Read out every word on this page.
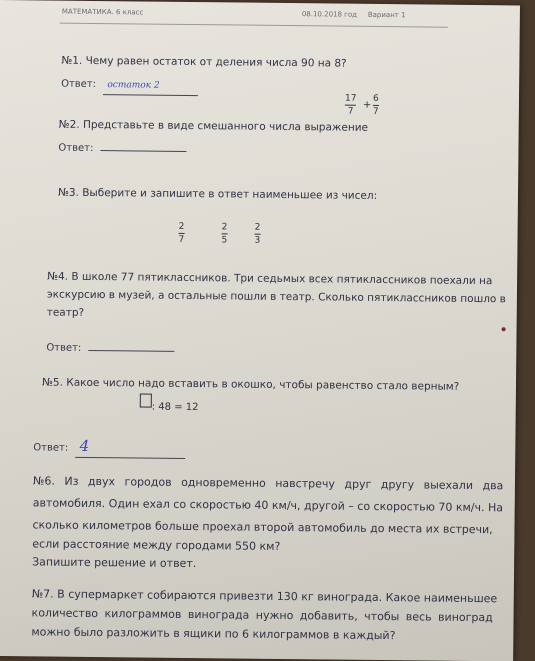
МАТЕМАТИКА. 6 класс	08.10.2018 год Вариант 1
№1. Чему равен остаток от деления числа 90 на 8?
Ответ: остаток 2
17
7
+
6
7
№2. Представьте в виде смешанного числа выражение
Ответ:
№3. Выберите и запишите в ответ наименьшее из чисел:
2
7
2
5
2
3
№4. В школе 77 пятиклассников. Три седьмых всех пятиклассников поехали на
экскурсию в музей, а остальные пошли в театр. Сколько пятиклассников пошло в
театр?
Ответ:
№5. Какое число надо вставить в окошко, чтобы равенство стало верным?
: 48 = 12
Ответ: 4
№6. Из двух городов одновременно навстречу друг другу выехали два
автомобиля. Один ехал со скоростью 40 км/ч, другой – со скоростью 70 км/ч. На
сколько километров больше проехал второй автомобиль до места их встречи,
если расстояние между городами 550 км?
Запишите решение и ответ.
№7. В супермаркет собираются привезти 130 кг винограда. Какое наименьшее
количество килограммов винограда нужно добавить, чтобы весь виноград
можно было разложить в ящики по 6 килограммов в каждый?
